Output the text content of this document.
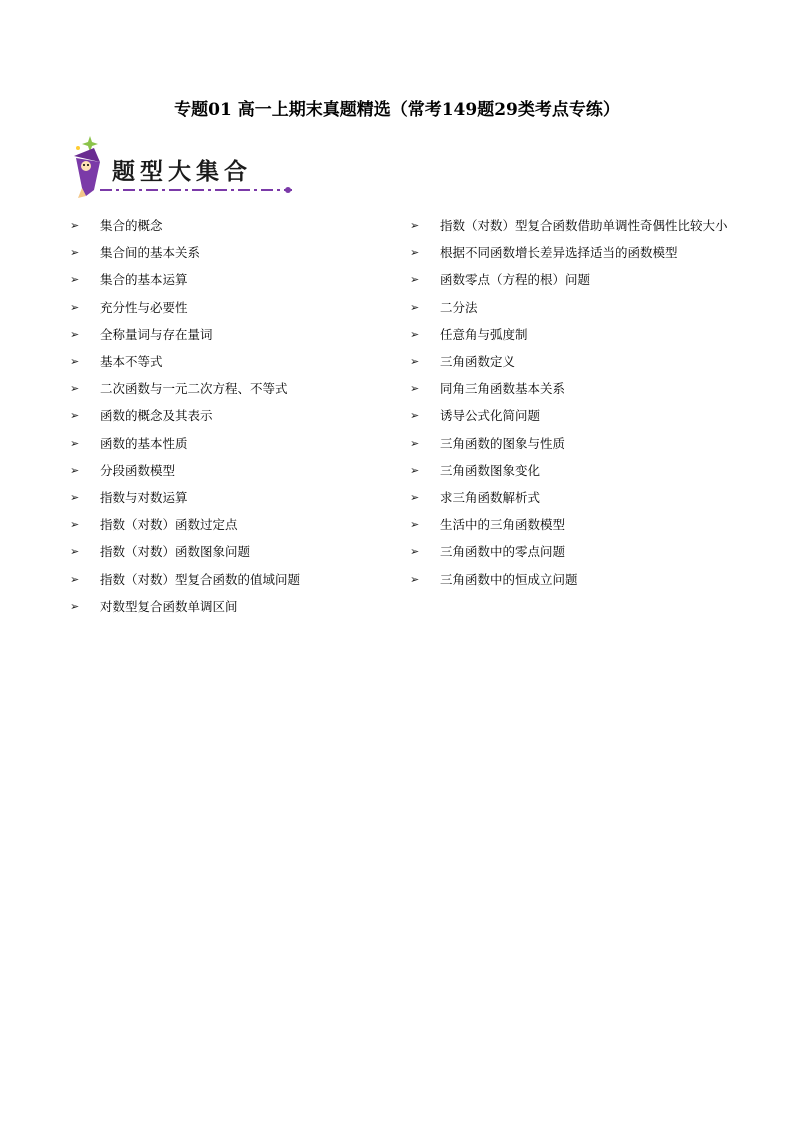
专题01 高一上期末真题精选（常考149题29类考点专练）
题型大集合
➢	集合的概念
➢	集合间的基本关系
➢	集合的基本运算
➢	充分性与必要性
➢	全称量词与存在量词
➢	基本不等式
➢	二次函数与一元二次方程、不等式
➢	函数的概念及其表示
➢	函数的基本性质
➢	分段函数模型
➢	指数与对数运算
➢	指数（对数）函数过定点
➢	指数（对数）函数图象问题
➢	指数（对数）型复合函数的值域问题
➢	对数型复合函数单调区间
➢	指数（对数）型复合函数借助单调性奇偶性比较大小
➢	根据不同函数增长差异选择适当的函数模型
➢	函数零点（方程的根）问题
➢	二分法
➢	任意角与弧度制
➢	三角函数定义
➢	同角三角函数基本关系
➢	诱导公式化简问题
➢	三角函数的图象与性质
➢	三角函数图象变化
➢	求三角函数解析式
➢	生活中的三角函数模型
➢	三角函数中的零点问题
➢	三角函数中的恒成立问题
